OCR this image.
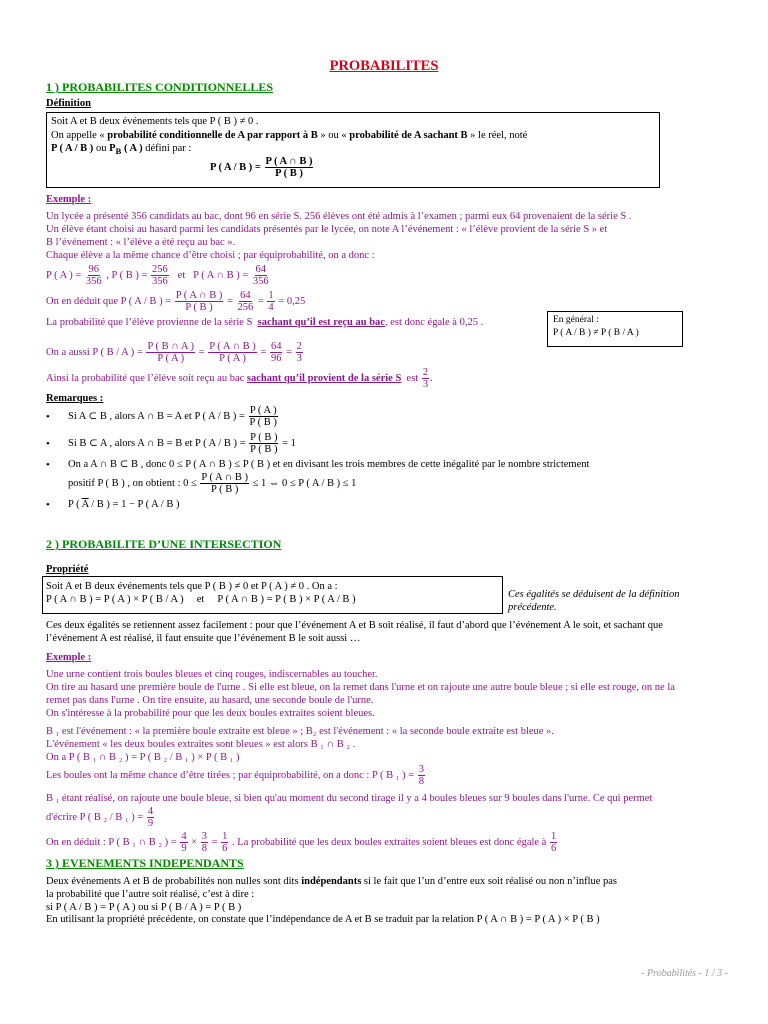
PROBABILITES
1 ) PROBABILITES CONDITIONNELLES
Définition
Soit A et B deux événements tels que P ( B ) ≠ 0 .
On appelle « probabilité conditionnelle de A par rapport à B » ou « probabilité de A sachant B » le réel, noté
P ( A / B ) ou $P_B$ ( A ) défini par :
P ( A / B ) = $\frac{P ( A \cap B )}{P ( B )}$
Exemple :
Un lycée a présenté 356 candidats au bac, dont 96 en série S. 256 élèves ont été admis à l’examen ; parmi eux 64 provenaient de la série S .
Un élève étant choisi au hasard parmi les candidats présentés par le lycée, on note A l’événement : « l’élève provient de la série S » et
B l’événement : « l’élève a été reçu au bac ».
Chaque élève a la même chance d’être choisi ; par équiprobabilité, on a donc :
P ( A ) = $\frac{96}{356}$ , P ( B ) = $\frac{256}{356}$ et P ( A ∩ B ) = $\frac{64}{356}$
On en déduit que P ( A / B ) = $\frac{P ( A \cap B )}{P ( B )} = \frac{64}{256} = \frac{1}{4} = 0,25$
La probabilité que l’élève provienne de la série S sachant qu’il est reçu au bac, est donc égale à 0,25 .	En général :
P ( A / B ) ≠ P ( B / A )
On a aussi P ( B / A ) = $\frac{P ( B \cap A )}{P ( A )} = \frac{P ( A \cap B )}{P ( A )} = \frac{64}{96} = \frac{2}{3}$
Ainsi la probabilité que l’élève soit reçu au bac sachant qu’il provient de la série S est $\frac{2}{3}$ .
Remarques :
• Si A ⊂ B , alors A ∩ B = A et P ( A / B ) = $\frac{P ( A )}{P ( B )}$
• Si B ⊂ A , alors A ∩ B = B et P ( A / B ) = $\frac{P ( B )}{P ( B )} = 1$
• On a A ∩ B ⊂ B , donc 0 ≤ P ( A ∩ B ) ≤ P ( B ) et en divisant les trois membres de cette inégalité par le nombre strictement
positif P ( B ) , on obtient : $0 \le \frac{P ( A \cap B )}{P ( B )} \le 1$ ⇔ 0 ≤ P ( A / B ) ≤ 1
• P ( $\overline{A}$ / B ) = 1 − P ( A / B )
2 ) PROBABILITE D’UNE INTERSECTION
Propriété
Soit A et B deux événements tels que P ( B ) ≠ 0 et P ( A ) ≠ 0 . On a :
P ( A ∩ B ) = P ( A ) × P ( B / A ) et P ( A ∩ B ) = P ( B ) × P ( A / B )	Ces égalités se déduisent de la définition
précédente.
Ces deux égalités se retiennent assez facilement : pour que l’événement A et B soit réalisé, il faut d’abord que l’événement A le soit, et sachant que
l’événement A est réalisé, il faut ensuite que l’événement B le soit aussi …
Exemple :
Une urne contient trois boules bleues et cinq rouges, indiscernables au toucher.
On tire au hasard une première boule de l'urne . Si elle est bleue, on la remet dans l'urne et on rajoute une autre boule bleue ; si elle est rouge, on ne la
remet pas dans l'urne . On tire ensuite, au hasard, une seconde boule de l'urne.
On s'intéresse à la probabilité pour que les deux boules extraites soient bleues.
B ₁ est l'événement : « la première boule extraite est bleue » ; B₂ est l'événement : « la seconde boule extraite est bleue ».
L'événement « les deux boules extraites sont bleues » est alors B ₁ ∩ B ₂ .
On a P ( B ₁ ∩ B ₂ ) = P ( B ₂ / B ₁ ) × P ( B ₁ )
Les boules ont la même chance d’être tirées ; par équiprobabilité, on a donc : P ( B ₁ ) = $\frac{3}{8}$
B ₁ étant réalisé, on rajoute une boule bleue, si bien qu'au moment du second tirage il y a 4 boules bleues sur 9 boules dans l'urne. Ce qui permet
d'écrire P ( B ₂ / B ₁ ) = $\frac{4}{9}$
On en déduit : P ( B ₁ ∩ B ₂ ) = $\frac{4}{9} \times \frac{3}{8} = \frac{1}{6}$ . La probabilité que les deux boules extraites soient bleues est donc égale à $\frac{1}{6}$
3 ) EVENEMENTS INDEPENDANTS
Deux événements A et B de probabilités non nulles sont dits indépendants si le fait que l’un d’entre eux soit réalisé ou non n’influe pas
la probabilité que l’autre soit réalisé, c’est à dire :
si P ( A / B ) = P ( A ) ou si P ( B / A ) = P ( B )
En utilisant la propriété précédente, on constate que l’indépendance de A et B se traduit par la relation P ( A ∩ B ) = P ( A ) × P ( B )
- Probabilités - 1 / 3 -
